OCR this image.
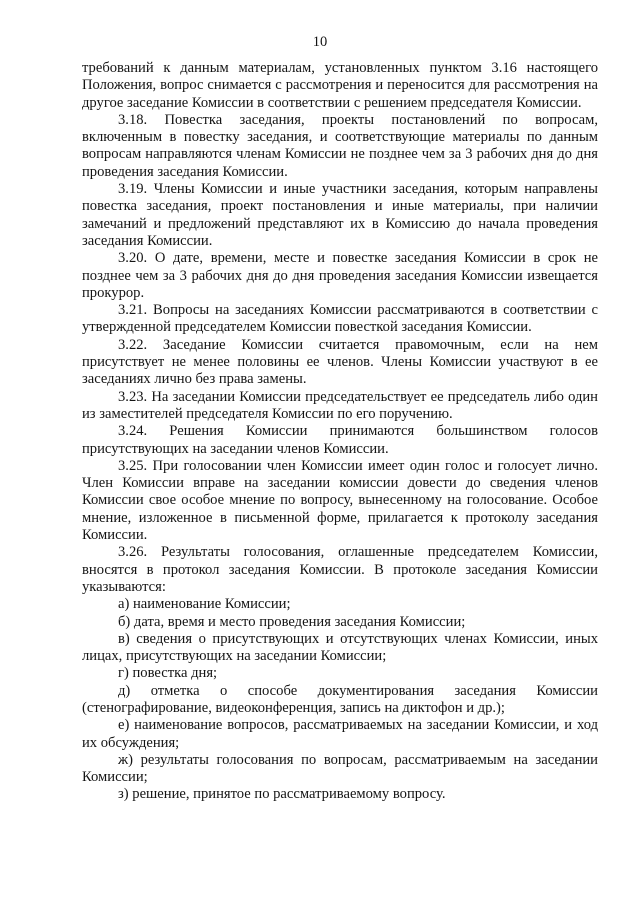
10

требований к данным материалам, установленных пунктом 3.16 настоящего Положения, вопрос снимается с рассмотрения и переносится для рассмотрения на другое заседание Комиссии в соответствии с решением председателя Комиссии.

3.18. Повестка заседания, проекты постановлений по вопросам, включенным в повестку заседания, и соответствующие материалы по данным вопросам направляются членам Комиссии не позднее чем за 3 рабочих дня до дня проведения заседания Комиссии.

3.19. Члены Комиссии и иные участники заседания, которым направлены повестка заседания, проект постановления и иные материалы, при наличии замечаний и предложений представляют их в Комиссию до начала проведения заседания Комиссии.

3.20. О дате, времени, месте и повестке заседания Комиссии в срок не позднее чем за 3 рабочих дня до дня проведения заседания Комиссии извещается прокурор.

3.21. Вопросы на заседаниях Комиссии рассматриваются в соответствии с утвержденной председателем Комиссии повесткой заседания Комиссии.

3.22. Заседание Комиссии считается правомочным, если на нем присутствует не менее половины ее членов. Члены Комиссии участвуют в ее заседаниях лично без права замены.

3.23. На заседании Комиссии председательствует ее председатель либо один из заместителей председателя Комиссии по его поручению.

3.24. Решения Комиссии принимаются большинством голосов присутствующих на заседании членов Комиссии.

3.25. При голосовании член Комиссии имеет один голос и голосует лично. Член Комиссии вправе на заседании комиссии довести до сведения членов Комиссии свое особое мнение по вопросу, вынесенному на голосование. Особое мнение, изложенное в письменной форме, прилагается к протоколу заседания Комиссии.

3.26. Результаты голосования, оглашенные председателем Комиссии, вносятся в протокол заседания Комиссии. В протоколе заседания Комиссии указываются:

а) наименование Комиссии;

б) дата, время и место проведения заседания Комиссии;

в) сведения о присутствующих и отсутствующих членах Комиссии, иных лицах, присутствующих на заседании Комиссии;

г) повестка дня;

д) отметка о способе документирования заседания Комиссии (стенографирование, видеоконференция, запись на диктофон и др.);

е) наименование вопросов, рассматриваемых на заседании Комиссии, и ход их обсуждения;

ж) результаты голосования по вопросам, рассматриваемым на заседании Комиссии;

з) решение, принятое по рассматриваемому вопросу.
